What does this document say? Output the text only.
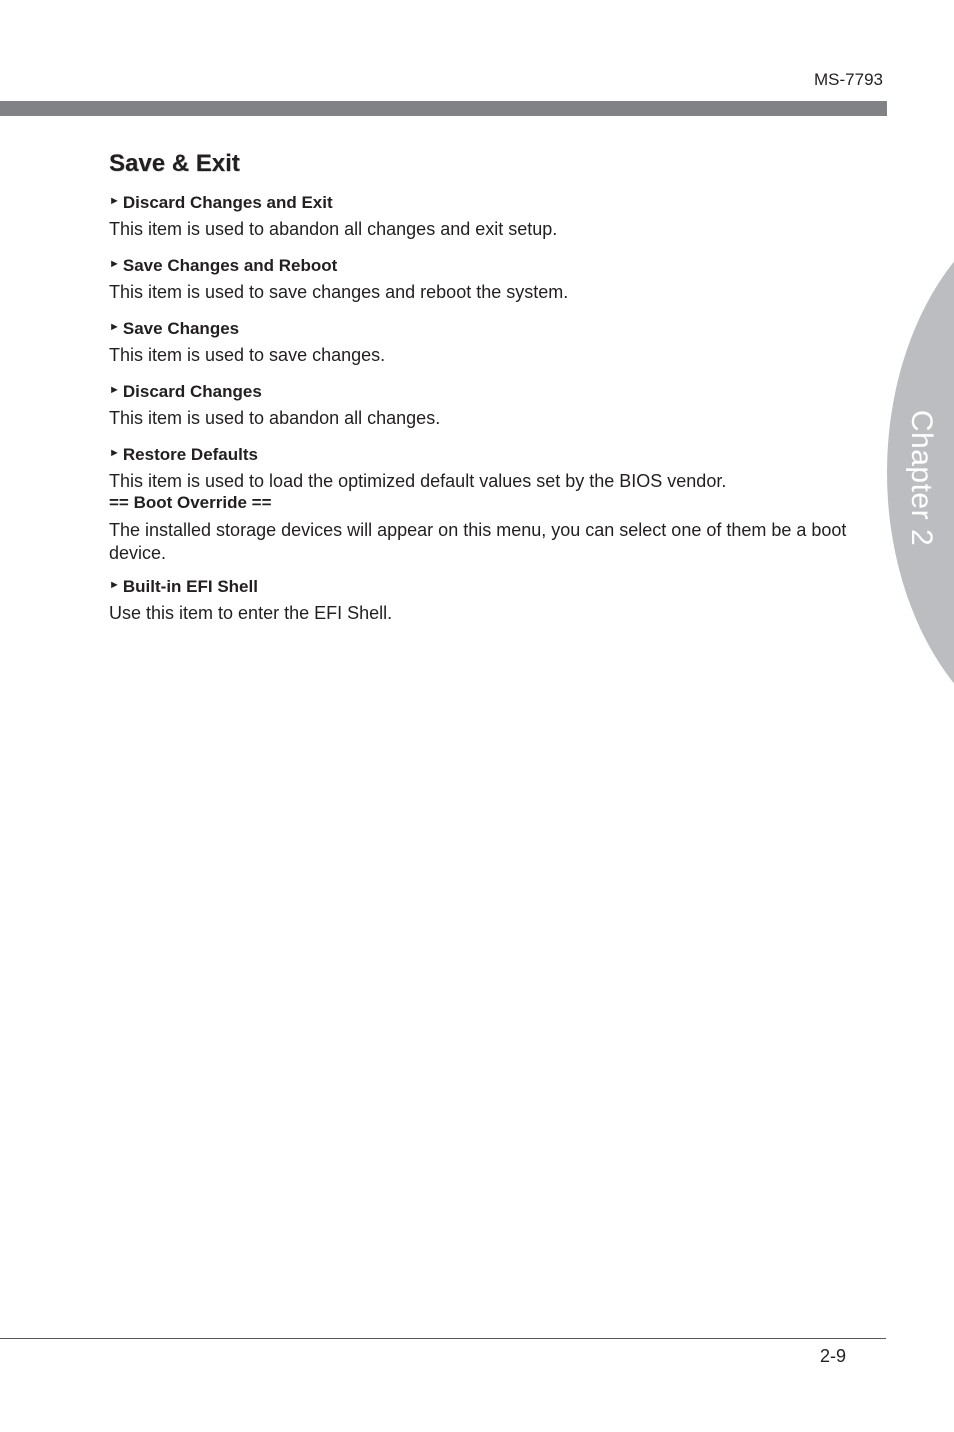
MS-7793
Chapter 2
Save & Exit
► Discard Changes and Exit
This item is used to abandon all changes and exit setup.
► Save Changes and Reboot
This item is used to save changes and reboot the system.
► Save Changes
This item is used to save changes.
► Discard Changes
This item is used to abandon all changes.
► Restore Defaults
This item is used to load the optimized default values set by the BIOS vendor.
== Boot Override ==
The installed storage devices will appear on this menu, you can select one of them be a boot device.
► Built-in EFI Shell
Use this item to enter the EFI Shell.
2-9
